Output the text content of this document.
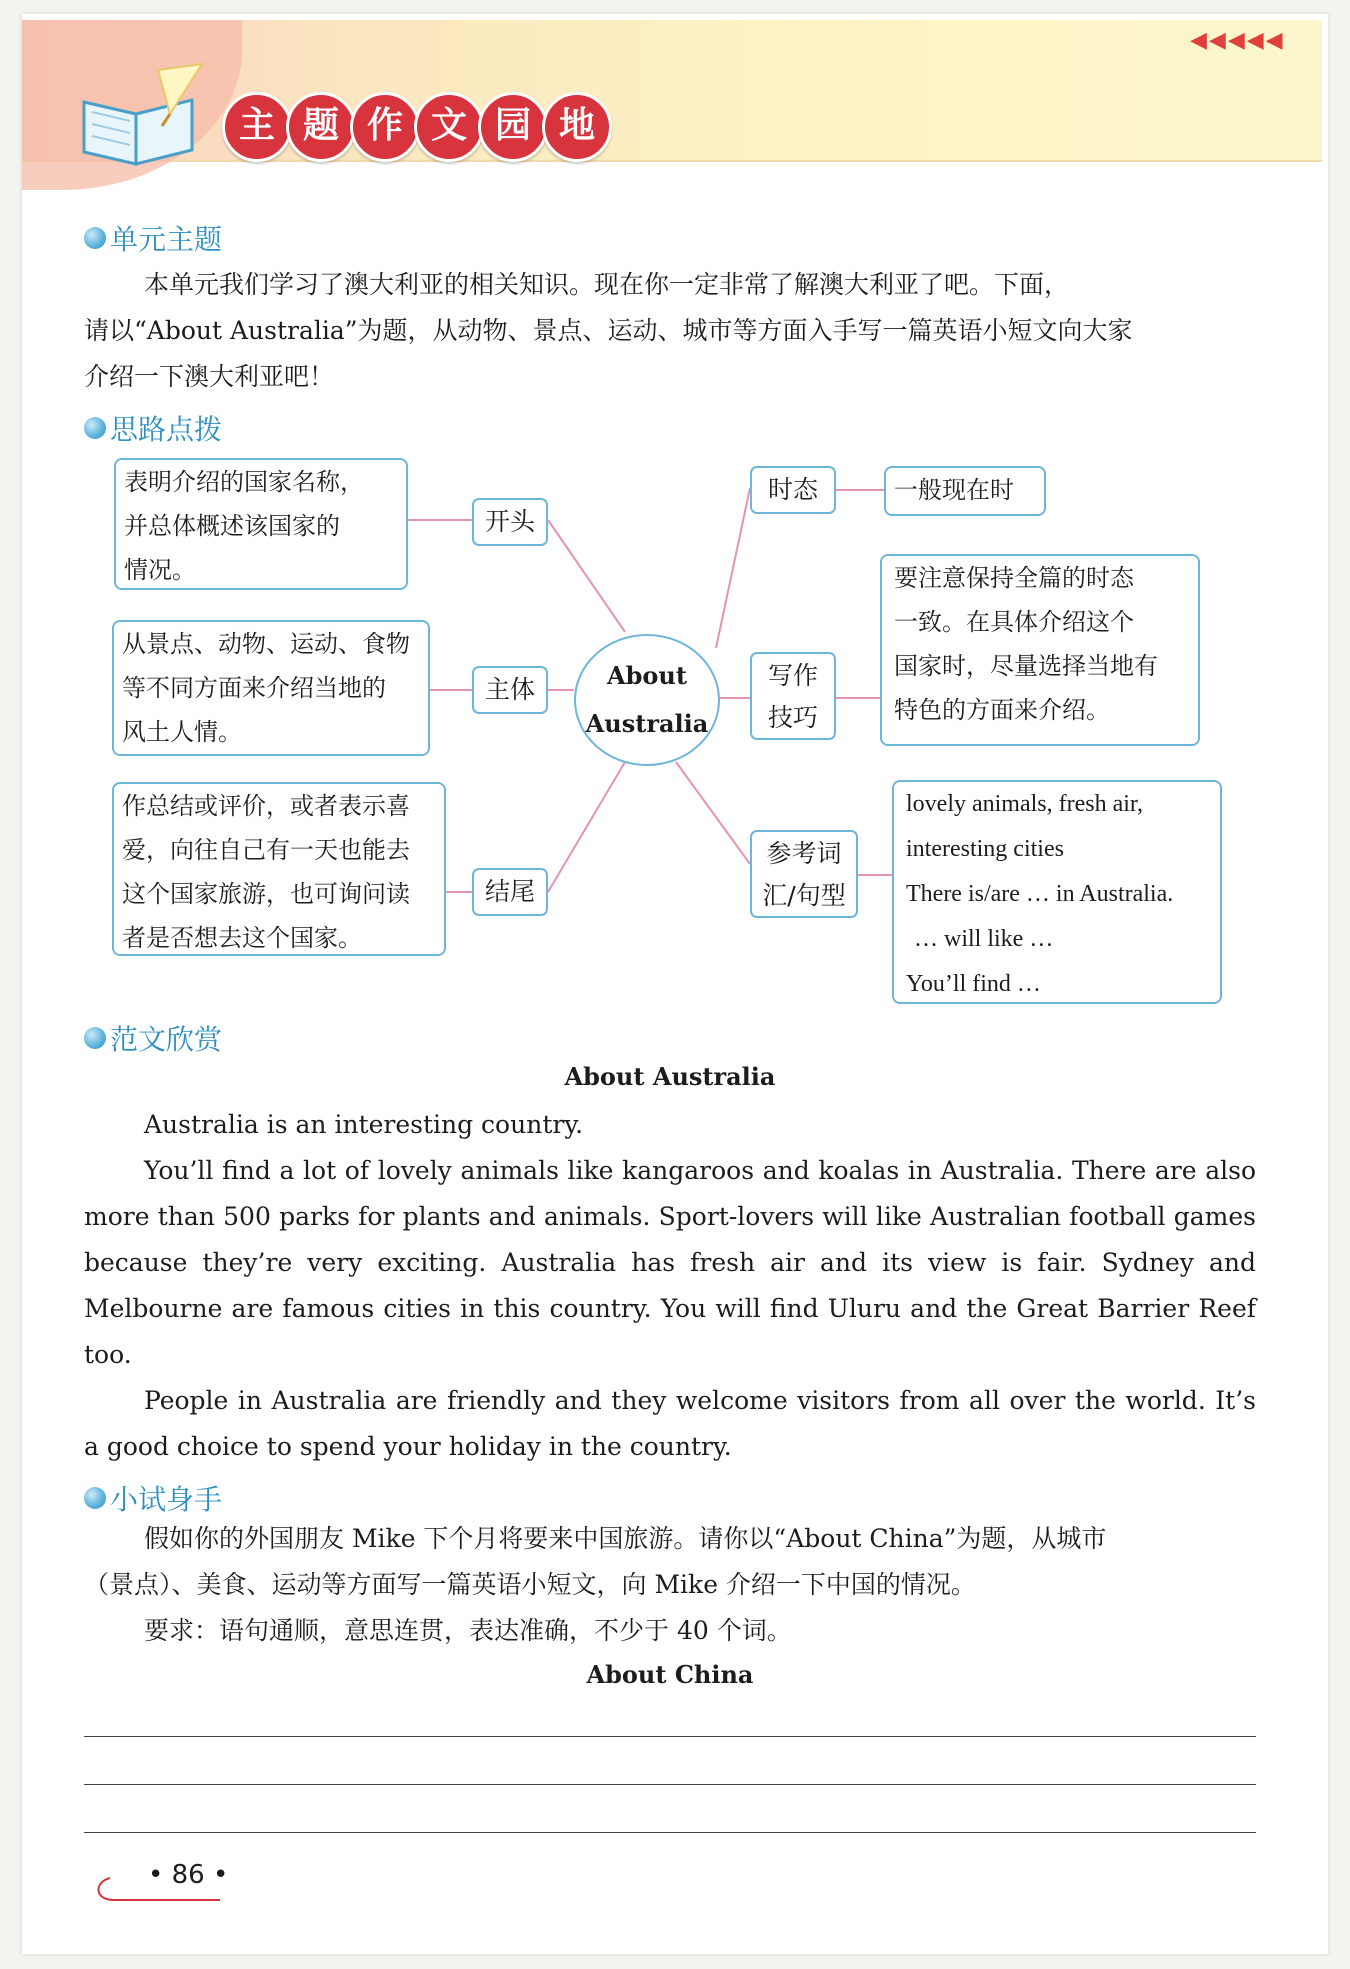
主 题 作 文 园 地
◀◀◀◀◀
单元主题
本单元我们学习了澳大利亚的相关知识。现在你一定非常了解澳大利亚了吧。下面，
请以“About Australia”为题，从动物、景点、运动、城市等方面入手写一篇英语小短文向大家
介绍一下澳大利亚吧！
思路点拨
表明介绍的国家名称，
并总体概述该国家的
情况。
开头
从景点、动物、运动、食物
等不同方面来介绍当地的
风土人情。
主体
作总结或评价，或者表示喜
爱，向往自己有一天也能去
这个国家旅游，也可询问读
者是否想去这个国家。
结尾
About
Australia
时态	一般现在时
写作
技巧
要注意保持全篇的时态
一致。在具体介绍这个
国家时，尽量选择当地有
特色的方面来介绍。
参考词
汇/句型
lovely animals, fresh air,
interesting cities
There is/are … in Australia.
… will like …
You’ll find …
范文欣赏
About Australia
Australia is an interesting country.
You’ll find a lot of lovely animals like kangaroos and koalas in Australia. There are also more than 500 parks for plants and animals. Sport-lovers will like Australian football games because they’re very exciting. Australia has fresh air and its view is fair. Sydney and Melbourne are famous cities in this country. You will find Uluru and the Great Barrier Reef too.
People in Australia are friendly and they welcome visitors from all over the world. It’s a good choice to spend your holiday in the country.
小试身手
假如你的外国朋友 Mike 下个月将要来中国旅游。请你以“About China”为题，从城市
（景点）、美食、运动等方面写一篇英语小短文，向 Mike 介绍一下中国的情况。
要求：语句通顺，意思连贯，表达准确，不少于 40 个词。
About China
• 86 •
